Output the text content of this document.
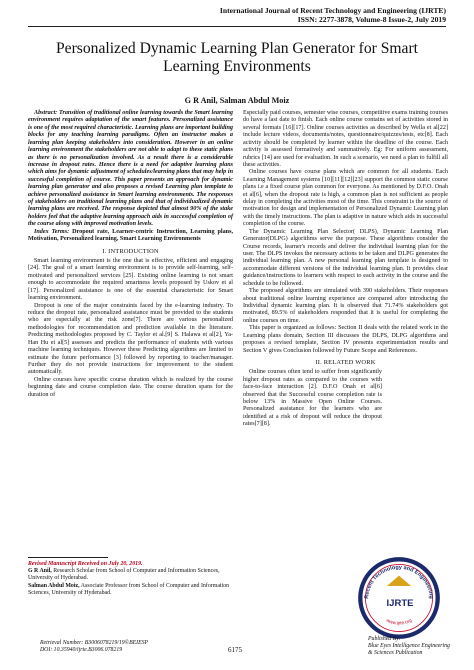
International Journal of Recent Technology and Engineering (IJRTE)
ISSN: 2277-3878, Volume-8 Issue-2, July 2019
Personalized Dynamic Learning Plan Generator for Smart Learning Environments
G R Anil, Salman Abdul Moiz

Abstract: Transition of traditional online learning towards the Smart learning environment requires adaptation of the smart features. Personalized assistance is one of the most required characteristic. Learning plans are important building blocks for any teaching learning paradigms. Often an instructor makes a learning plan keeping stakeholders into consideration. However in an online learning environment the stakeholders are not able to adapt to these static plans as there is no personalization involved. As a result there is a considerable increase in dropout rates. Hence there is a need for adaptive learning plans which aims for dynamic adjustment of schedules/learning plans that may help in successful completion of course. This paper presents an approach for dynamic learning plan generator and also proposes a revised Learning plan template to achieve personalized assistance in Smart learning environments. The responses of stakeholders on traditional learning plans and that of individualized dynamic learning plans are received. The response depicted that almost 90% of the stake holders feel that the adaptive learning approach aids in successful completion of the course along with improved motivation levels.

Index Terms: Dropout rate, Learner-centric Instruction, Learning plans, Motivation, Personalized learning, Smart Learning Environments

I. INTRODUCTION

Smart learning environment is the one that is effective, efficient and engaging [24]. The goal of a smart learning environment is to provide self-learning, self-motivated and personalized services [25]. Existing online learning is not smart enough to accommodate the required smartness levels proposed by Uskov et al [17]. Personalized assistance is one of the essential characteristic for Smart learning environment.

Dropout is one of the major constraints faced by the e-learning industry. To reduce the dropout rate, personalized assistance must be provided to the students who are especially at the risk zone[7]. There are various personalized methodologies for recommendation and prediction available in the literature. Predicting methodologies proposed by C. Taylor et al.[9] S. Halawa et al[2], Ya-Han Hu et al[5] assesses and predicts the performance of students with various machine learning techniques. However these Predicting algorithms are limited to estimate the future performance [3] followed by reporting to teacher/manager. Further they do not provide instructions for improvement to the student automatically.

Online courses have specific course duration which is realized by the course beginning date and course completion date. The course duration spans for the duration of

Especially paid courses, semester wise courses, competitive exams training courses do have a last date to finish. Each online course contains set of activities stored in several formats [16][17]. Online courses activities as described by Wella et al[22] include lecture videos, documents/notes, questionnaire/quizzes/tests, etc[8]. Each activity should be completed by learner within the deadline of the course. Each activity is assessed formatively and summatively. Eg: For uniform assessment, rubrics [14] are used for evaluation. In such a scenario, we need a plan to fulfill all these activities.

Online courses have course plans which are common for all students. Each Learning Management systems [10][11][12][23] support the common static course plans i.e a fixed course plan common for everyone. As mentioned by D.F.O. Onah et al[6], when the dropout rate is high, a common plan is not sufficient as people delay in completing the activities most of the time. This constraint is the source of motivation for design and implementation of Personalized Dynamic Learning plan with the timely instructions. The plan is adaptive in nature which aids in successful completion of the course.

The Dynamic Learning Plan Selector( DLPS), Dynamic Learning Plan Generator(DLPG) algorithms serve the purpose. These algorithms consider the Course records, learner's records and deliver the individual learning plan for the user. The DLPS invokes the necessary actions to be taken and DLPG generates the individual learning plan. A new personal learning plan template is designed to accommodate different versions of the individual learning plan. It provides clear guidance/instructions to learners with respect to each activity in the course and the schedule to be followed.

The proposed algorithms are simulated with 390 stakeholders. Their responses about traditional online learning experience are compared after introducing the Individual dynamic learning plan. It is observed that 71.74% stakeholders got motivated, 89.5% of stakeholders responded that it is useful for completing the online courses on time.

This paper is organized as follows: Section II deals with the related work in the Learning plans domain, Section III discusses the DLPS, DLPG algorithms and proposes a revised template, Section IV presents experimentation results and Section V gives Conclusion followed by Future Scope and References.

II. RELATED WORK

Online courses often tend to suffer from significantly higher dropout rates as compared to the courses with face-to-face interaction [2]. D.F.O Onah et al[6] observed that the Successful course completion rate is below 13% in Massive Open Online Courses. Personalized assistance for the learners who are identified at a risk of dropout will reduce the dropout rates[7][8].

Revised Manuscript Received on July 20, 2019.
G R Anil, Research Scholar from School of Computer and Information Sciences, University of Hyderabad.
Salman Abdul Moiz, Associate Professor from School of Computer and Information Sciences, University of Hyderabad.
Retrieval Number: B3006078219/19©BEIESP
DOI: 10.35940/ijrte.B3006.078219	6175
Recent Technology and Engineering
www.ijrte.org
IJRTE
Published By:
Blue Eyes Intelligence Engineering
& Sciences Publication
